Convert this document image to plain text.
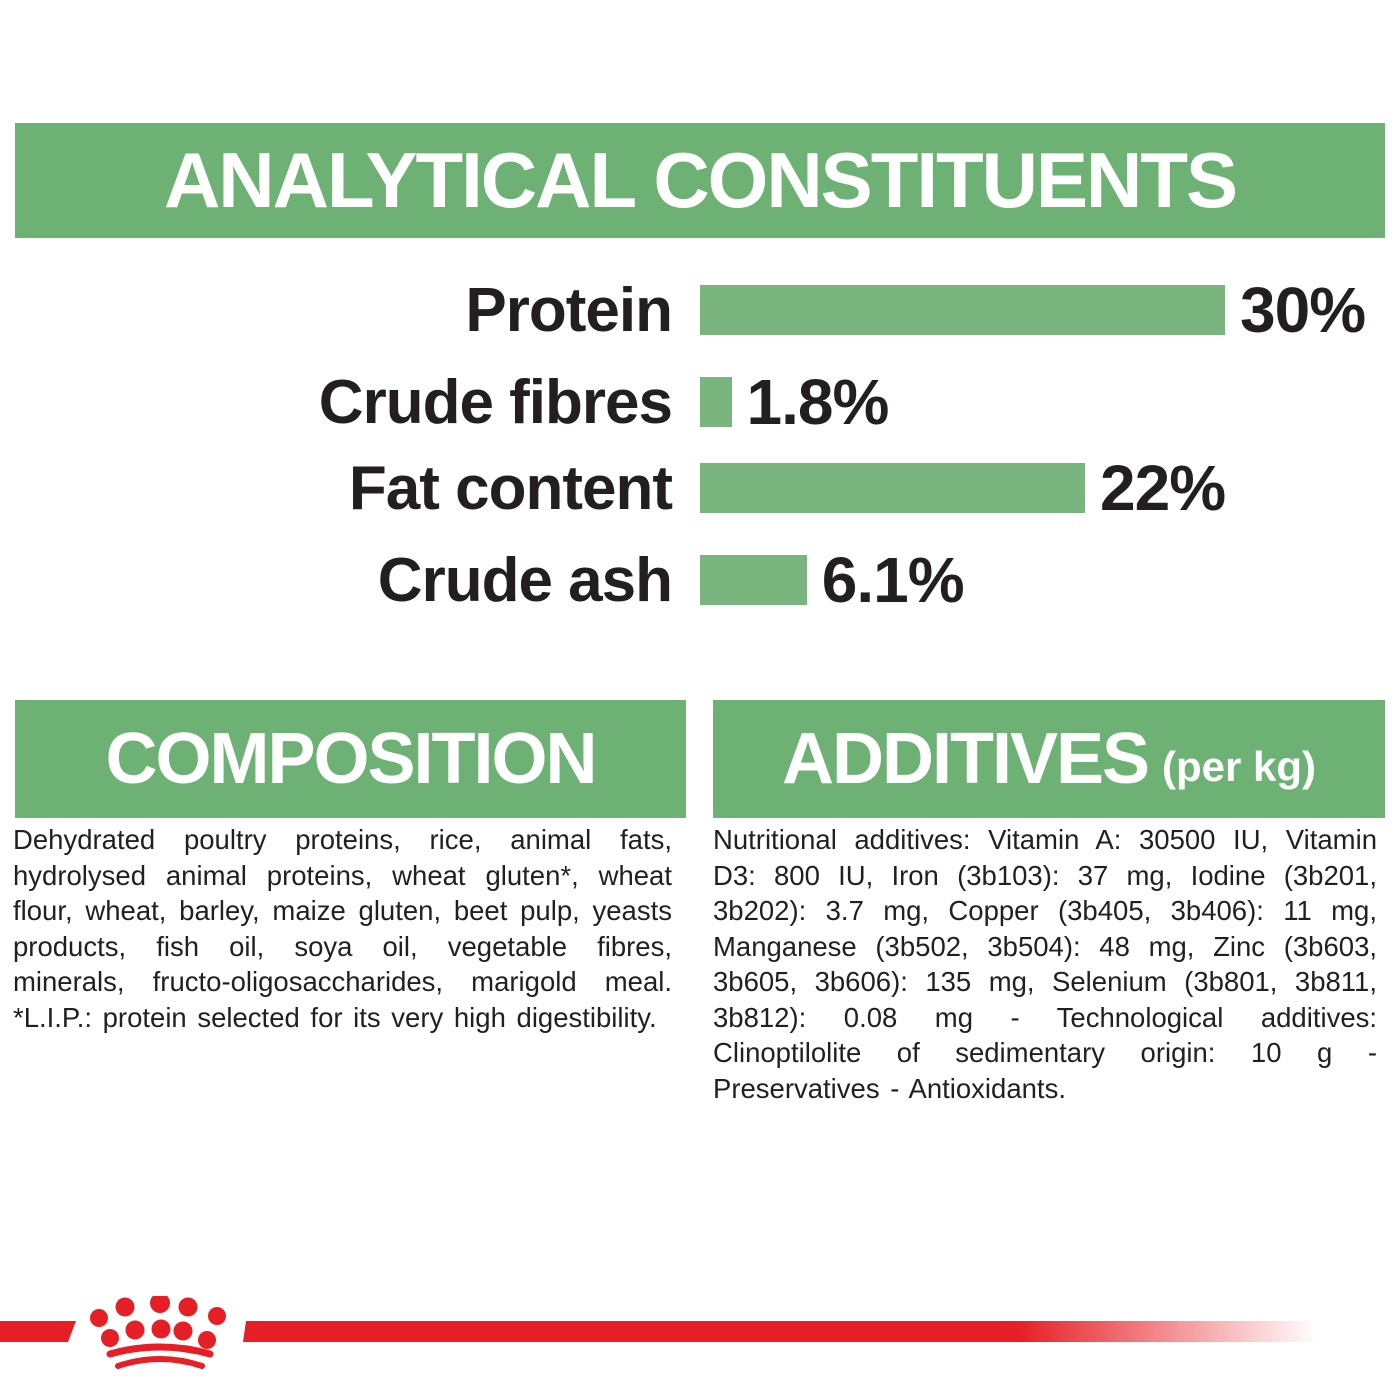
ANALYTICAL CONSTITUENTS
Protein	30%
Crude fibres 1.8%
Fat content	22%
Crude ash 6.1%
COMPOSITION
Dehydrated poultry proteins, rice, animal fats, hydrolysed animal proteins, wheat gluten*, wheat flour, wheat, barley, maize gluten, beet pulp, yeasts products, fish oil, soya oil, vegetable fibres, minerals, fructo-oligosaccharides, marigold meal. *L.I.P.: protein selected for its very high digestibility.
ADDITIVES (per kg)
Nutritional additives: Vitamin A: 30500 IU, Vitamin D3: 800 IU, Iron (3b103): 37 mg, Iodine (3b201, 3b202): 3.7 mg, Copper (3b405, 3b406): 11 mg, Manganese (3b502, 3b504): 48 mg, Zinc (3b603, 3b605, 3b606): 135 mg, Selenium (3b801, 3b811, 3b812): 0.08 mg - Technological additives: Clinoptilolite of sedimentary origin: 10 g - Preservatives - Antioxidants.
